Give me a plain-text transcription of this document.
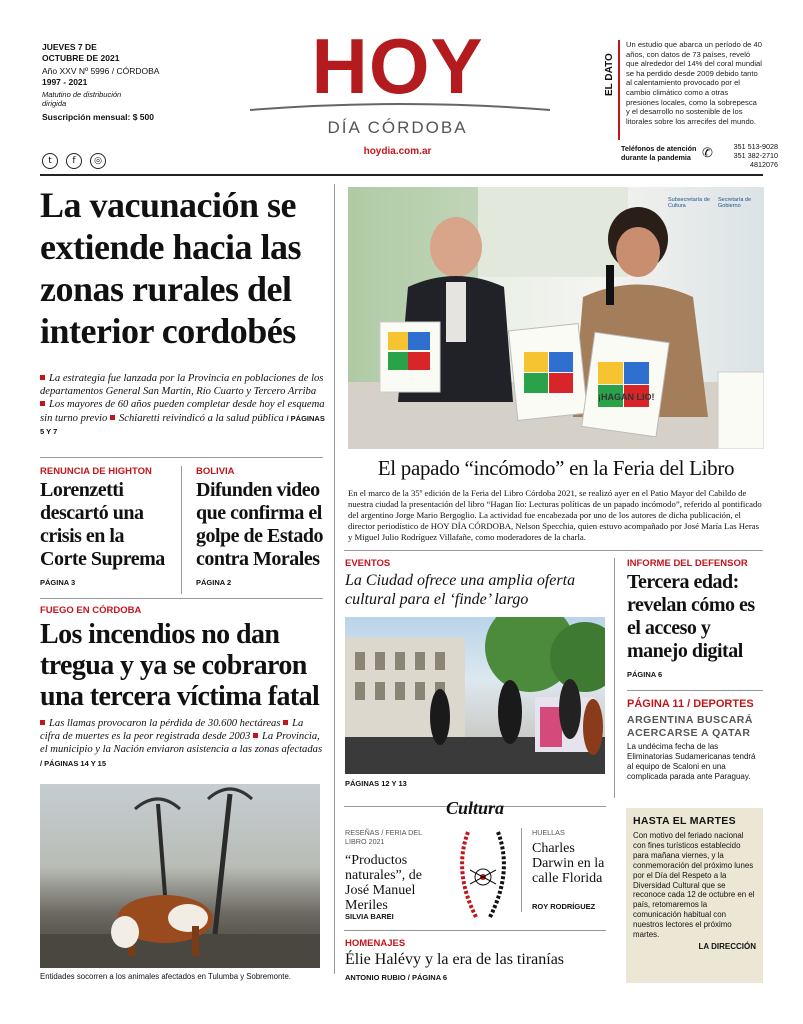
JUEVES 7 DE
OCTUBRE DE 2021
Año XXV Nº 5996 / CÓRDOBA
1997 - 2021
Matutino de distribución dirigida
Suscripción mensual: $ 500
t f ◎
HOY
DÍA CÓRDOBA
hoydia.com.ar
EL DATO
Un estudio que abarca un período de 40 años, con datos de 73 países, reveló que alrededor del 14% del coral mundial se ha perdido desde 2009 debido tanto al calentamiento provocado por el cambio climático como a otras presiones locales, como la sobrepesca y el desarrollo no sostenible de los litorales sobre los arrecifes del mundo.
Teléfonos de atención durante la pandemia ✆	351 513-9028
351 382-2710
4812076
La vacunación se extiende hacia las zonas rurales del interior cordobés
La estrategia fue lanzada por la Provincia en poblaciones de los departamentos General San Martín, Río Cuarto y Tercero Arriba Los mayores de 60 años pueden completar desde hoy el esquema sin turno previo Schiaretti reivindicó a la salud pública / PÁGINAS 5 Y 7
¡HAGAN LIO!
Subsecretaría de Cultura
Secretaría de Gobierno
El papado “incómodo” en la Feria del Libro
En el marco de la 35º edición de la Feria del Libro Córdoba 2021, se realizó ayer en el Patio Mayor del Cabildo de nuestra ciudad la presentación del libro “Hagan lío: Lecturas políticas de un papado incómodo”, referido al pontificado del argentino Jorge Mario Bergoglio. La actividad fue encabezada por uno de los autores de dicha publicación, el director periodístico de HOY DÍA CÓRDOBA, Nelson Specchia, quien estuvo acompañado por José María Las Heras y Miguel Julio Rodríguez Villafañe, como moderadores de la charla.
RENUNCIA DE HIGHTON
Lorenzetti descartó una crisis en la Corte Suprema
PÁGINA 3
BOLIVIA
Difunden video que confirma el golpe de Estado contra Morales
PÁGINA 2
FUEGO EN CÓRDOBA
Los incendios no dan tregua y ya se cobraron una tercera víctima fatal
Las llamas provocaron la pérdida de 30.600 hectáreas La cifra de muertes es la peor registrada desde 2003 La Provincia, el municipio y la Nación enviaron asistencia a las zonas afectadas / PÁGINAS 14 Y 15
Entidades socorren a los animales afectados en Tulumba y Sobremonte.
EVENTOS
La Ciudad ofrece una amplia oferta cultural para el ‘finde’ largo
PÁGINAS 12 Y 13
INFORME DEL DEFENSOR
Tercera edad: revelan cómo es el acceso y manejo digital
PÁGINA 6
PÁGINA 11 / DEPORTES
ARGENTINA BUSCARÁ ACERCARSE A QATAR
La undécima fecha de las Eliminatorias Sudamericanas tendrá al equipo de Scaloni en una complicada parada ante Paraguay.
Cultura
RESEÑAS / FERIA DEL LIBRO 2021
“Productos naturales”, de José Manuel Meriles
SILVIA BAREI
HUELLAS
Charles Darwin en la calle Florida
ROY RODRÍGUEZ
HOMENAJES
Élie Halévy y la era de las tiranías
ANTONIO RUBIO / PÁGINA 6
HASTA EL MARTES
Con motivo del feriado nacional con fines turísticos establecido para mañana viernes, y la conmemoración del próximo lunes por el Día del Respeto a la Diversidad Cultural que se reconoce cada 12 de octubre en el país, retomaremos la comunicación habitual con nuestros lectores el próximo martes.
LA DIRECCIÓN
